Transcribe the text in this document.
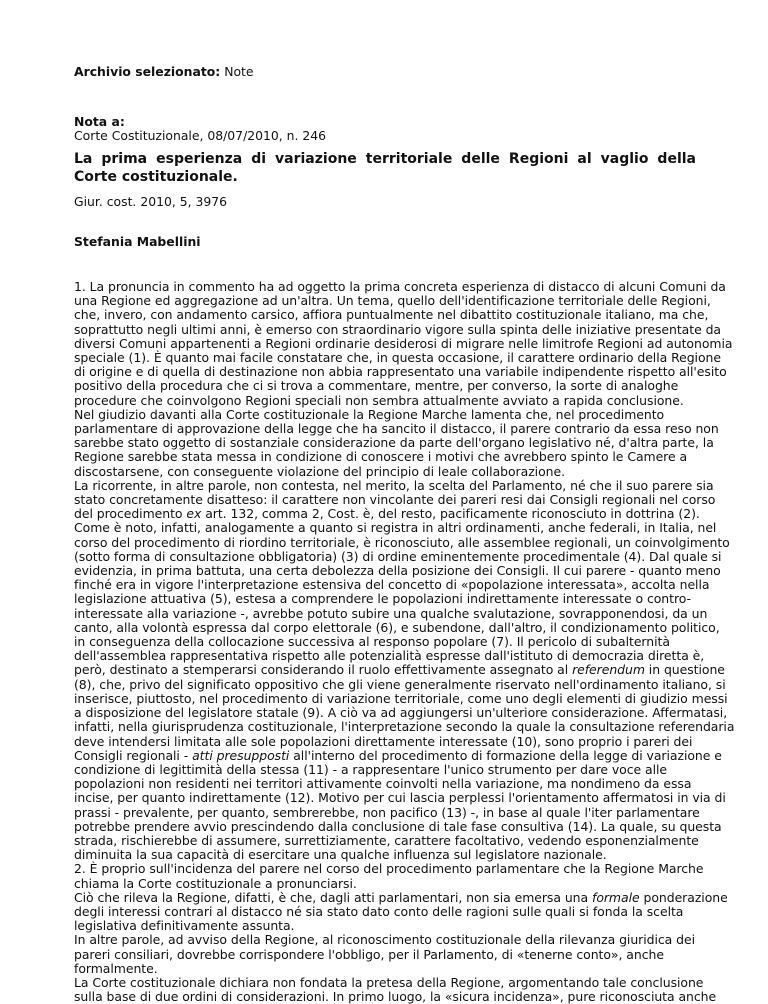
Archivio selezionato: Note
Nota a:
Corte Costituzionale, 08/07/2010, n. 246
La prima esperienza di variazione territoriale delle Regioni al vaglio della Corte costituzionale.
Giur. cost. 2010, 5, 3976
Stefania Mabellini
1. La pronuncia in commento ha ad oggetto la prima concreta esperienza di distacco di alcuni Comuni da
una Regione ed aggregazione ad un'altra. Un tema, quello dell'identificazione territoriale delle Regioni,
che, invero, con andamento carsico, affiora puntualmente nel dibattito costituzionale italiano, ma che,
soprattutto negli ultimi anni, è emerso con straordinario vigore sulla spinta delle iniziative presentate da
diversi Comuni appartenenti a Regioni ordinarie desiderosi di migrare nelle limitrofe Regioni ad autonomia
speciale (1). È quanto mai facile constatare che, in questa occasione, il carattere ordinario della Regione
di origine e di quella di destinazione non abbia rappresentato una variabile indipendente rispetto all'esito
positivo della procedura che ci si trova a commentare, mentre, per converso, la sorte di analoghe
procedure che coinvolgono Regioni speciali non sembra attualmente avviato a rapida conclusione.
Nel giudizio davanti alla Corte costituzionale la Regione Marche lamenta che, nel procedimento
parlamentare di approvazione della legge che ha sancito il distacco, il parere contrario da essa reso non
sarebbe stato oggetto di sostanziale considerazione da parte dell'organo legislativo né, d'altra parte, la
Regione sarebbe stata messa in condizione di conoscere i motivi che avrebbero spinto le Camere a
discostarsene, con conseguente violazione del principio di leale collaborazione.
La ricorrente, in altre parole, non contesta, nel merito, la scelta del Parlamento, né che il suo parere sia
stato concretamente disatteso: il carattere non vincolante dei pareri resi dai Consigli regionali nel corso
del procedimento ex art. 132, comma 2, Cost. è, del resto, pacificamente riconosciuto in dottrina (2).
Come è noto, infatti, analogamente a quanto si registra in altri ordinamenti, anche federali, in Italia, nel
corso del procedimento di riordino territoriale, è riconosciuto, alle assemblee regionali, un coinvolgimento
(sotto forma di consultazione obbligatoria) (3) di ordine eminentemente procedimentale (4). Dal quale si
evidenzia, in prima battuta, una certa debolezza della posizione dei Consigli. Il cui parere - quanto meno
finché era in vigore l'interpretazione estensiva del concetto di «popolazione interessata», accolta nella
legislazione attuativa (5), estesa a comprendere le popolazioni indirettamente interessate o contro-
interessate alla variazione -, avrebbe potuto subire una qualche svalutazione, sovrapponendosi, da un
canto, alla volontà espressa dal corpo elettorale (6), e subendone, dall'altro, il condizionamento politico,
in conseguenza della collocazione successiva al responso popolare (7). Il pericolo di subalternità
dell'assemblea rappresentativa rispetto alle potenzialità espresse dall'istituto di democrazia diretta è,
però, destinato a stemperarsi considerando il ruolo effettivamente assegnato al referendum in questione
(8), che, privo del significato oppositivo che gli viene generalmente riservato nell'ordinamento italiano, si
inserisce, piuttosto, nel procedimento di variazione territoriale, come uno degli elementi di giudizio messi
a disposizione del legislatore statale (9). A ciò va ad aggiungersi un'ulteriore considerazione. Affermatasi,
infatti, nella giurisprudenza costituzionale, l'interpretazione secondo la quale la consultazione referendaria
deve intendersi limitata alle sole popolazioni direttamente interessate (10), sono proprio i pareri dei
Consigli regionali - atti presupposti all'interno del procedimento di formazione della legge di variazione e
condizione di legittimità della stessa (11) - a rappresentare l'unico strumento per dare voce alle
popolazioni non residenti nei territori attivamente coinvolti nella variazione, ma nondimeno da essa
incise, per quanto indirettamente (12). Motivo per cui lascia perplessi l'orientamento affermatosi in via di
prassi - prevalente, per quanto, sembrerebbe, non pacifico (13) -, in base al quale l'iter parlamentare
potrebbe prendere avvio prescindendo dalla conclusione di tale fase consultiva (14). La quale, su questa
strada, rischierebbe di assumere, surrettiziamente, carattere facoltativo, vedendo esponenzialmente
diminuita la sua capacità di esercitare una qualche influenza sul legislatore nazionale.
2. È proprio sull'incidenza del parere nel corso del procedimento parlamentare che la Regione Marche
chiama la Corte costituzionale a pronunciarsi.
Ciò che rileva la Regione, difatti, è che, dagli atti parlamentari, non sia emersa una formale ponderazione
degli interessi contrari al distacco né sia stato dato conto delle ragioni sulle quali si fonda la scelta
legislativa definitivamente assunta.
In altre parole, ad avviso della Regione, al riconoscimento costituzionale della rilevanza giuridica dei
pareri consiliari, dovrebbe corrispondere l'obbligo, per il Parlamento, di «tenerne conto», anche
formalmente.
La Corte costituzionale dichiara non fondata la pretesa della Regione, argomentando tale conclusione
sulla base di due ordini di considerazioni. In primo luogo, la «sicura incidenza», pure riconosciuta anche
